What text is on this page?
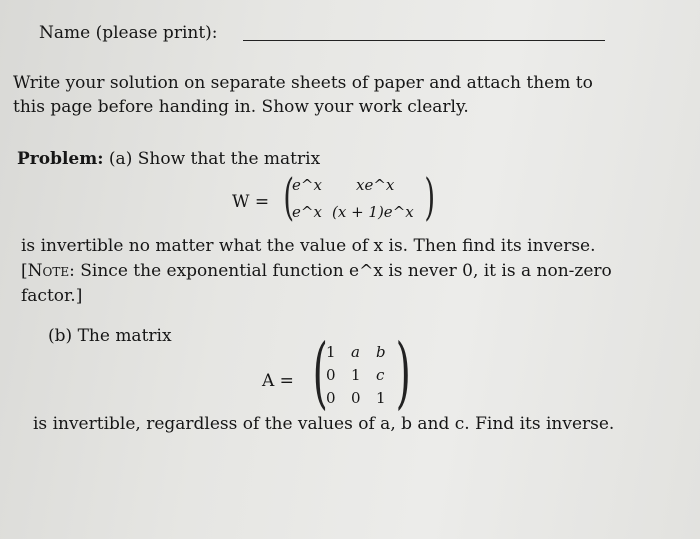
Name (please print):
Write your solution on separate sheets of paper and attach them to
this page before handing in. Show your work clearly.
Problem: (a) Show that the matrix
W = (
e^x xe^x
e^x (x + 1)e^x )
is invertible no matter what the value of x is. Then find its inverse.
[Note: Since the exponential function e^x is never 0, it is a non-zero
factor.]
(b) The matrix
A = (
1 a b
0 1 c
0 0 1 )
is invertible, regardless of the values of a, b and c. Find its inverse.
